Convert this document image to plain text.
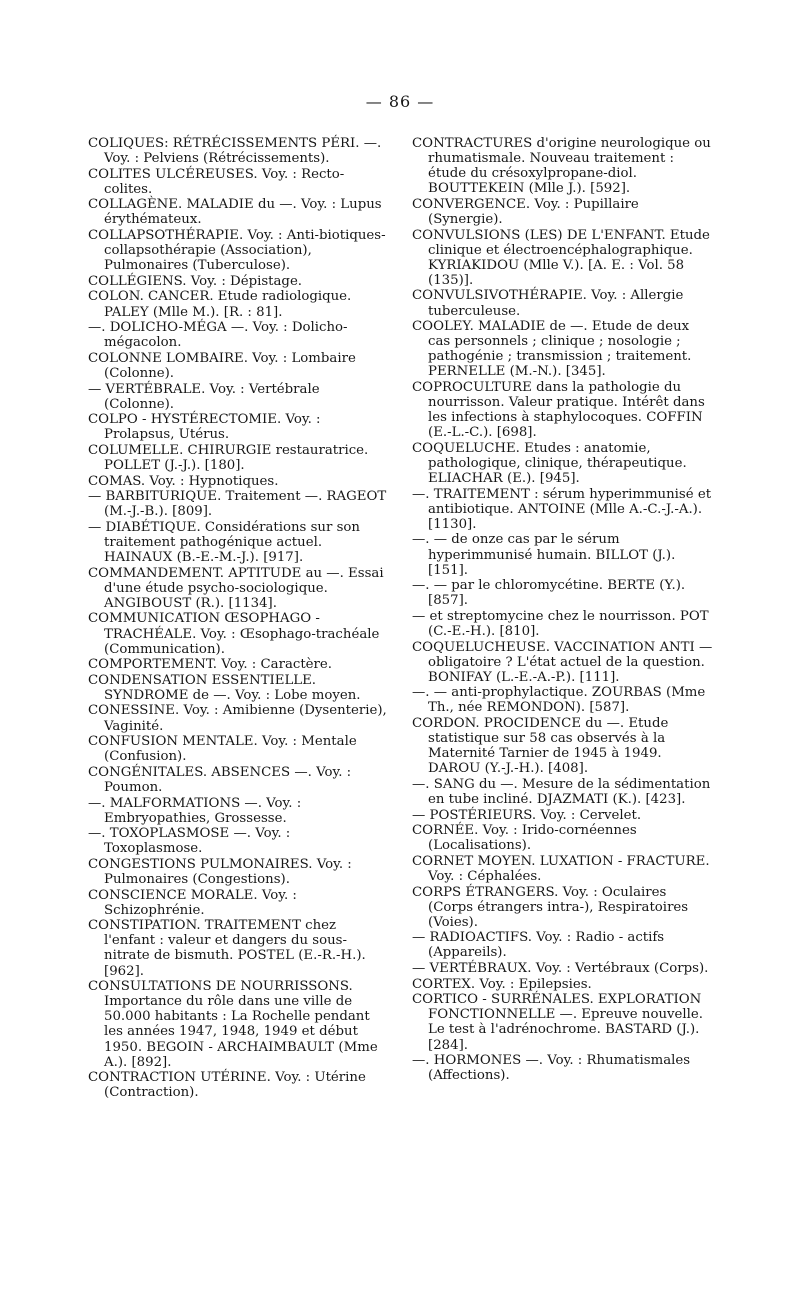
— 86 —
COLIQUES: RÉTRÉCISSEMENTS PÉRI. —. Voy. : Pelviens (Rétrécissements).
COLITES ULCÉREUSES. Voy. : Recto-colites.
COLLAGÈNE. MALADIE du —. Voy. : Lupus érythémateux.
COLLAPSOTHÉRAPIE. Voy. : Anti-biotiques-collapsothérapie (Association), Pulmonaires (Tuberculose).
COLLÉGIENS. Voy. : Dépistage.
COLON. CANCER. Etude radiologique. PALEY (Mlle M.). [R. : 81].
—. DOLICHO-MÉGA —. Voy. : Dolicho-mégacolon.
COLONNE LOMBAIRE. Voy. : Lombaire (Colonne).
— VERTÉBRALE. Voy. : Vertébrale (Colonne).
COLPO - HYSTÉRECTOMIE. Voy. : Prolapsus, Utérus.
COLUMELLE. CHIRURGIE restauratrice. POLLET (J.-J.). [180].
COMAS. Voy. : Hypnotiques.
— BARBITURIQUE. Traitement —. RAGEOT (M.-J.-B.). [809].
— DIABÉTIQUE. Considérations sur son traitement pathogénique actuel. HAINAUX (B.-E.-M.-J.). [917].
COMMANDEMENT. APTITUDE au —. Essai d'une étude psycho-sociologique. ANGIBOUST (R.). [1134].
COMMUNICATION ŒSOPHAGO - TRACHÉALE. Voy. : Œsophago-trachéale (Communication).
COMPORTEMENT. Voy. : Caractère.
CONDENSATION ESSENTIELLE. SYNDROME de —. Voy. : Lobe moyen.
CONESSINE. Voy. : Amibienne (Dysenterie), Vaginité.
CONFUSION MENTALE. Voy. : Mentale (Confusion).
CONGÉNITALES. ABSENCES —. Voy. : Poumon.
—. MALFORMATIONS —. Voy. : Embryopathies, Grossesse.
—. TOXOPLASMOSE —. Voy. : Toxoplasmose.
CONGESTIONS PULMONAIRES. Voy. : Pulmonaires (Congestions).
CONSCIENCE MORALE. Voy. : Schizophrénie.
CONSTIPATION. TRAITEMENT chez l'enfant : valeur et dangers du sous-nitrate de bismuth. POSTEL (E.-R.-H.). [962].
CONSULTATIONS DE NOURRISSONS. Importance du rôle dans une ville de 50.000 habitants : La Rochelle pendant les années 1947, 1948, 1949 et début 1950. BEGOIN - ARCHAIMBAULT (Mme A.). [892].
CONTRACTION UTÉRINE. Voy. : Utérine (Contraction).
CONTRACTURES d'origine neurologique ou rhumatismale. Nouveau traitement : étude du crésoxylpropane-diol. BOUTTEKEIN (Mlle J.). [592].
CONVERGENCE. Voy. : Pupillaire (Synergie).
CONVULSIONS (LES) DE L'ENFANT. Etude clinique et électroencéphalographique. KYRIAKIDOU (Mlle V.). [A. E. : Vol. 58 (135)].
CONVULSIVOTHÉRAPIE. Voy. : Allergie tuberculeuse.
COOLEY. MALADIE de —. Etude de deux cas personnels ; clinique ; nosologie ; pathogénie ; transmission ; traitement. PERNELLE (M.-N.). [345].
COPROCULTURE dans la pathologie du nourrisson. Valeur pratique. Intérêt dans les infections à staphylocoques. COFFIN (E.-L.-C.). [698].
COQUELUCHE. Etudes : anatomie, pathologique, clinique, thérapeutique. ELIACHAR (E.). [945].
—. TRAITEMENT : sérum hyperimmunisé et antibiotique. ANTOINE (Mlle A.-C.-J.-A.). [1130].
—. — de onze cas par le sérum hyperimmunisé humain. BILLOT (J.). [151].
—. — par le chloromycétine. BERTE (Y.). [857].
— et streptomycine chez le nourrisson. POT (C.-E.-H.). [810].
COQUELUCHEUSE. VACCINATION ANTI — obligatoire ? L'état actuel de la question. BONIFAY (L.-E.-A.-P.). [111].
—. — anti-prophylactique. ZOURBAS (Mme Th., née REMONDON). [587].
CORDON. PROCIDENCE du —. Etude statistique sur 58 cas observés à la Maternité Tarnier de 1945 à 1949. DAROU (Y.-J.-H.). [408].
—. SANG du —. Mesure de la sédimentation en tube incliné. DJAZMATI (K.). [423].
— POSTÉRIEURS. Voy. : Cervelet.
CORNÉE. Voy. : Irido-cornéennes (Localisations).
CORNET MOYEN. LUXATION - FRACTURE. Voy. : Céphalées.
CORPS ÉTRANGERS. Voy. : Oculaires (Corps étrangers intra-), Respiratoires (Voies).
— RADIOACTIFS. Voy. : Radio - actifs (Appareils).
— VERTÉBRAUX. Voy. : Vertébraux (Corps).
CORTEX. Voy. : Epilepsies.
CORTICO - SURRÉNALES. EXPLORATION FONCTIONNELLE —. Epreuve nouvelle. Le test à l'adrénochrome. BASTARD (J.). [284].
—. HORMONES —. Voy. : Rhumatismales (Affections).
